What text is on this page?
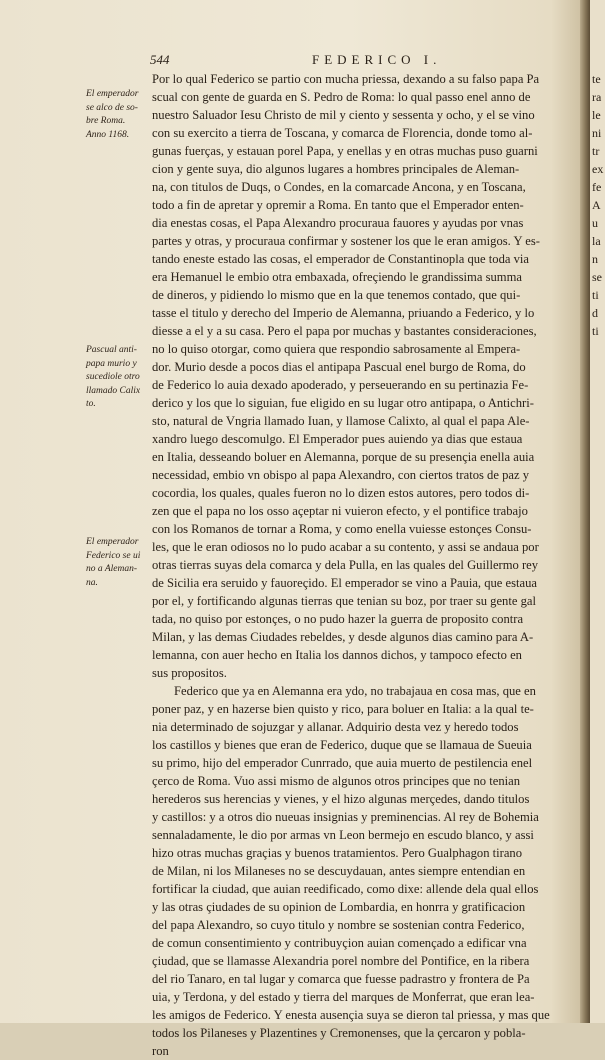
544	FEDERICO I.
El emperador
se alco de so-
bre Roma.
Anno 1168.
Pascual anti-
papa murio y
sucediole otro
llamado Calix
to.
El emperador
Federico se ui
no a Aleman-
na.
Por lo qual Federico se partio con mucha priessa, dexando a su falso papa Pa
scual con gente de guarda en S. Pedro de Roma: lo qual passo enel anno de
nuestro Saluador Iesu Christo de mil y ciento y sessenta y ocho, y el se vino
con su exercito a tierra de Toscana, y comarca de Florencia, donde tomo al-
gunas fuerças, y estauan porel Papa, y enellas y en otras muchas puso guarni
cion y gente suya, dio algunos lugares a hombres principales de Aleman-
na, con titulos de Duqs, o Condes, en la comarcade Ancona, y en Toscana,
todo a fin de apretar y opremir a Roma. En tanto que el Emperador enten-
dia enestas cosas, el Papa Alexandro procuraua fauores y ayudas por vnas
partes y otras, y procuraua confirmar y sostener los que le eran amigos. Y es-
tando eneste estado las cosas, el emperador de Constantinopla que toda via
era Hemanuel le embio otra embaxada, ofreçiendo le grandissima summa
de dineros, y pidiendo lo mismo que en la que tenemos contado, que qui-
tasse el titulo y derecho del Imperio de Alemanna, priuando a Federico, y lo
diesse a el y a su casa. Pero el papa por muchas y bastantes consideraciones,
no lo quiso otorgar, como quiera que respondio sabrosamente al Empera-
dor. Murio desde a pocos dias el antipapa Pascual enel burgo de Roma, do
de Federico lo auia dexado apoderado, y perseuerando en su pertinazia Fe-
derico y los que lo siguian, fue eligido en su lugar otro antipapa, o Antichri-
sto, natural de Vngria llamado Iuan, y llamose Calixto, al qual el papa Ale-
xandro luego descomulgo. El Emperador pues auiendo ya dias que estaua
en Italia, desseando boluer en Alemanna, porque de su presençia enella auia
necessidad, embio vn obispo al papa Alexandro, con ciertos tratos de paz y
cocordia, los quales, quales fueron no lo dizen estos autores, pero todos di-
zen que el papa no los osso açeptar ni vuieron efecto, y el pontifice trabajo
con los Romanos de tornar a Roma, y como enella vuiesse estonçes Consu-
les, que le eran odiosos no lo pudo acabar a su contento, y assi se andaua por
otras tierras suyas dela comarca y dela Pulla, en las quales del Guillermo rey
de Sicilia era seruido y fauoreçido. El emperador se vino a Pauia, que estaua
por el, y fortificando algunas tierras que tenian su boz, por traer su gente gal
tada, no quiso por estonçes, o no pudo hazer la guerra de proposito contra
Milan, y las demas Ciudades rebeldes, y desde algunos dias camino para A-
lemanna, con auer hecho en Italia los dannos dichos, y tampoco efecto en
sus propositos.
Federico que ya en Alemanna era ydo, no trabajaua en cosa mas, que en
poner paz, y en hazerse bien quisto y rico, para boluer en Italia: a la qual te-
nia determinado de sojuzgar y allanar. Adquirio desta vez y heredo todos
los castillos y bienes que eran de Federico, duque que se llamaua de Sueuia
su primo, hijo del emperador Cunrrado, que auia muerto de pestilencia enel
çerco de Roma. Vuo assi mismo de algunos otros principes que no tenian
herederos sus herencias y vienes, y el hizo algunas merçedes, dando titulos
y castillos: y a otros dio nueuas insignias y preminencias. Al rey de Bohemia
sennaladamente, le dio por armas vn Leon bermejo en escudo blanco, y assi
hizo otras muchas graçias y buenos tratamientos. Pero Gualphagon tirano
de Milan, ni los Milaneses no se descuydauan, antes siempre entendian en
fortificar la ciudad, que auian reedificado, como dixe: allende dela qual ellos
y las otras çiudades de su opinion de Lombardia, en honrra y gratificacion
del papa Alexandro, so cuyo titulo y nombre se sostenian contra Federico,
de comun consentimiento y contribuyçion auian començado a edificar vna
çiudad, que se llamasse Alexandria porel nombre del Pontifice, en la ribera
del rio Tanaro, en tal lugar y comarca que fuesse padrastro y frontera de Pa
uia, y Terdona, y del estado y tierra del marques de Monferrat, que eran lea-
les amigos de Federico. Y enesta ausençia suya se dieron tal priessa, y mas que
todos los Pilaneses y Plazentines y Cremonenses, que la çercaron y pobla-
ron
te
ra
le
ni
tr
ex
fe
A
u
la
n
se
ti
d
ti
